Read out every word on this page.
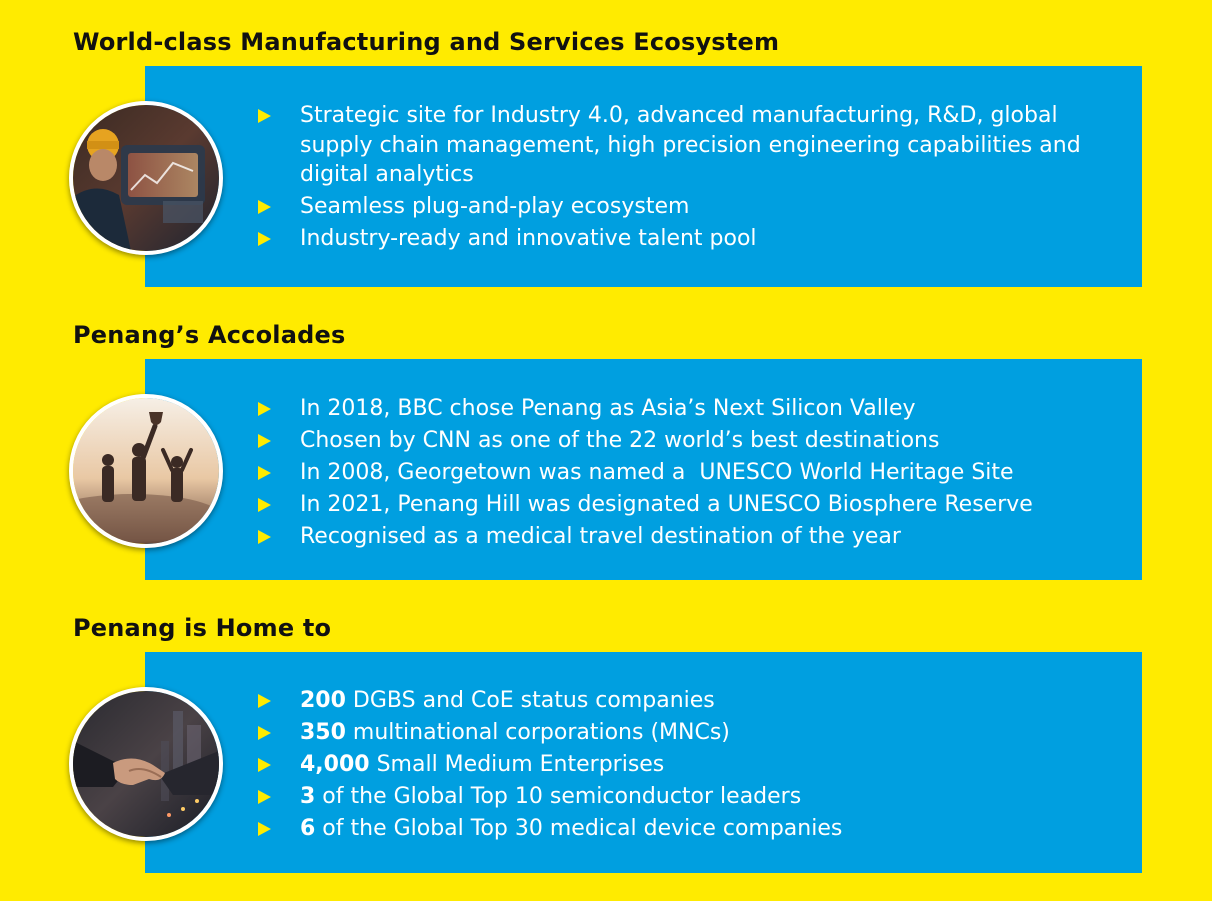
World-class Manufacturing and Services Ecosystem
Strategic site for Industry 4.0, advanced manufacturing, R&D, global supply chain management, high precision engineering capabilities and digital analytics
Seamless plug-and-play ecosystem
Industry-ready and innovative talent pool
Penang’s Accolades
In 2018, BBC chose Penang as Asia’s Next Silicon Valley
Chosen by CNN as one of the 22 world’s best destinations
In 2008, Georgetown was named a  UNESCO World Heritage Site
In 2021, Penang Hill was designated a UNESCO Biosphere Reserve
Recognised as a medical travel destination of the year
Penang is Home to
200 DGBS and CoE status companies
350 multinational corporations (MNCs)
4,000 Small Medium Enterprises
3 of the Global Top 10 semiconductor leaders
6 of the Global Top 30 medical device companies
